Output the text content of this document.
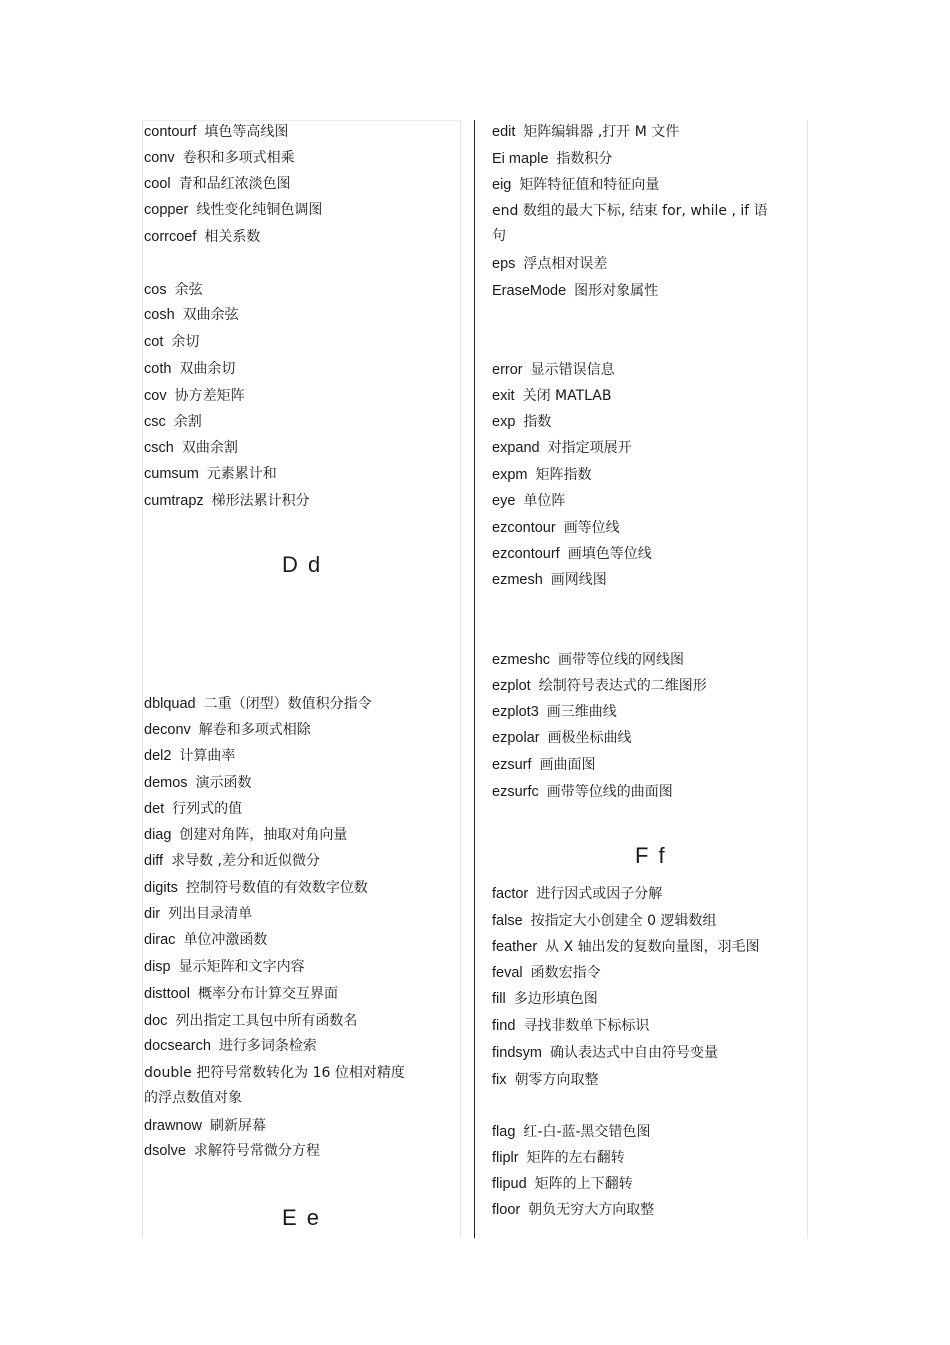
contourf 填色等高线图
conv 卷积和多项式相乘
cool 青和品红浓淡色图
copper 线性变化纯铜色调图
corrcoef 相关系数
cos 余弦
cosh 双曲余弦
cot 余切
coth 双曲余切
cov 协方差矩阵
csc 余割
csch 双曲余割
cumsum 元素累计和
cumtrapz 梯形法累计积分
D d
dblquad 二重（闭型）数值积分指令
deconv 解卷和多项式相除
del2 计算曲率
demos 演示函数
det 行列式的值
diag 创建对角阵，抽取对角向量
diff 求导数 ,差分和近似微分
digits 控制符号数值的有效数字位数
dir 列出目录清单
dirac 单位冲激函数
disp 显示矩阵和文字内容
disttool 概率分布计算交互界面
doc 列出指定工具包中所有函数名
docsearch 进行多词条检索
double 把符号常数转化为 16 位相对精度
的浮点数值对象
drawnow 刷新屏幕
dsolve 求解符号常微分方程
E e
edit 矩阵编辑器 ,打开 M 文件
Ei maple 指数积分
eig 矩阵特征值和特征向量
end 数组的最大下标, 结束 for, while , if 语
句
eps 浮点相对误差
EraseMode 图形对象属性
error 显示错误信息
exit 关闭 MATLAB
exp 指数
expand 对指定项展开
expm 矩阵指数
eye 单位阵
ezcontour 画等位线
ezcontourf 画填色等位线
ezmesh 画网线图
ezmeshc 画带等位线的网线图
ezplot 绘制符号表达式的二维图形
ezplot3 画三维曲线
ezpolar 画极坐标曲线
ezsurf 画曲面图
ezsurfc 画带等位线的曲面图
F f
factor 进行因式或因子分解
false 按指定大小创建全 0 逻辑数组
feather 从 X 轴出发的复数向量图，羽毛图
feval 函数宏指令
fill 多边形填色图
find 寻找非数单下标标识
findsym 确认表达式中自由符号变量
fix 朝零方向取整
flag 红-白-蓝-黑交错色图
fliplr 矩阵的左右翻转
flipud 矩阵的上下翻转
floor 朝负无穷大方向取整
